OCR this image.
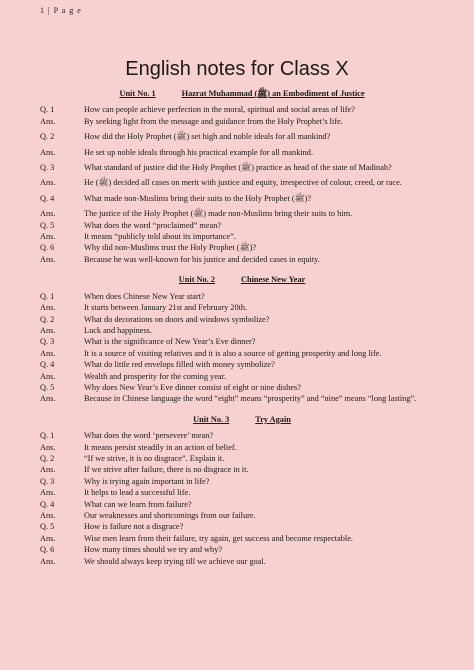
1 | P a g e
English notes for Class X
Unit No. 1	Hazrat Muhammad (ﷺ) an Embodiment of Justice
Q. 1	How can people achieve perfection in the moral, spiritual and social areas of life?
Ans.	By seeking light from the message and guidance from the Holy Prophet’s life.
Q. 2	How did the Holy Prophet (ﷺ) set high and noble ideals for all mankind?
Ans.	He set up noble ideals through his practical example for all mankind.
Q. 3	What standard of justice did the Holy Prophet (ﷺ) practice as head of the state of Madinah?
Ans.	He (ﷺ) decided all cases on merit with justice and equity, irrespective of colour, creed, or race.
Q. 4	What made non-Muslims bring their suits to the Holy Prophet (ﷺ)?
Ans.	The justice of the Holy Prophet (ﷺ) made non-Muslims bring their suits to him.
Q. 5	What does the word “proclaimed” mean?
Ans.	It means “publicly told about its importance”.
Q. 6	Why did non-Muslims trust the Holy Prophet (ﷺ)?
Ans.	Because he was well-known for his justice and decided cases in equity.
Unit No. 2	Chinese New Year
Q. 1	When does Chinese New Year start?
Ans.	It starts between January 21st and February 20th.
Q. 2	What do decorations on doors and windows symbolize?
Ans.	Luck and happiness.
Q. 3	What is the significance of New Year’s Eve dinner?
Ans.	It is a source of visiting relatives and it is also a source of getting prosperity and long life.
Q. 4	What do little red envelops filled with money symbolize?
Ans.	Wealth and prosperity for the coming year.
Q. 5	Why does New Year’s Eve dinner consist of eight or nine dishes?
Ans.	Because in Chinese language the word “eight” means “prosperity” and “nine” means “long lasting”.
Unit No. 3	Try Again
Q. 1	What does the word ‘persevere’ mean?
Ans.	It means persist steadily in an action of belief.
Q. 2	“If we strive, it is no disgrace”. Explain it.
Ans.	If we strive after failure, there is no disgrace in it.
Q. 3	Why is trying again important in life?
Ans.	It helps to lead a successful life.
Q. 4	What can we learn from failure?
Ans.	Our weaknesses and shortcomings from our failure.
Q. 5	How is failure not a disgrace?
Ans.	Wise men learn from their failure, try again, get success and become respectable.
Q. 6	How many times should we try and why?
Ans.	We should always keep trying till we achieve our goal.
